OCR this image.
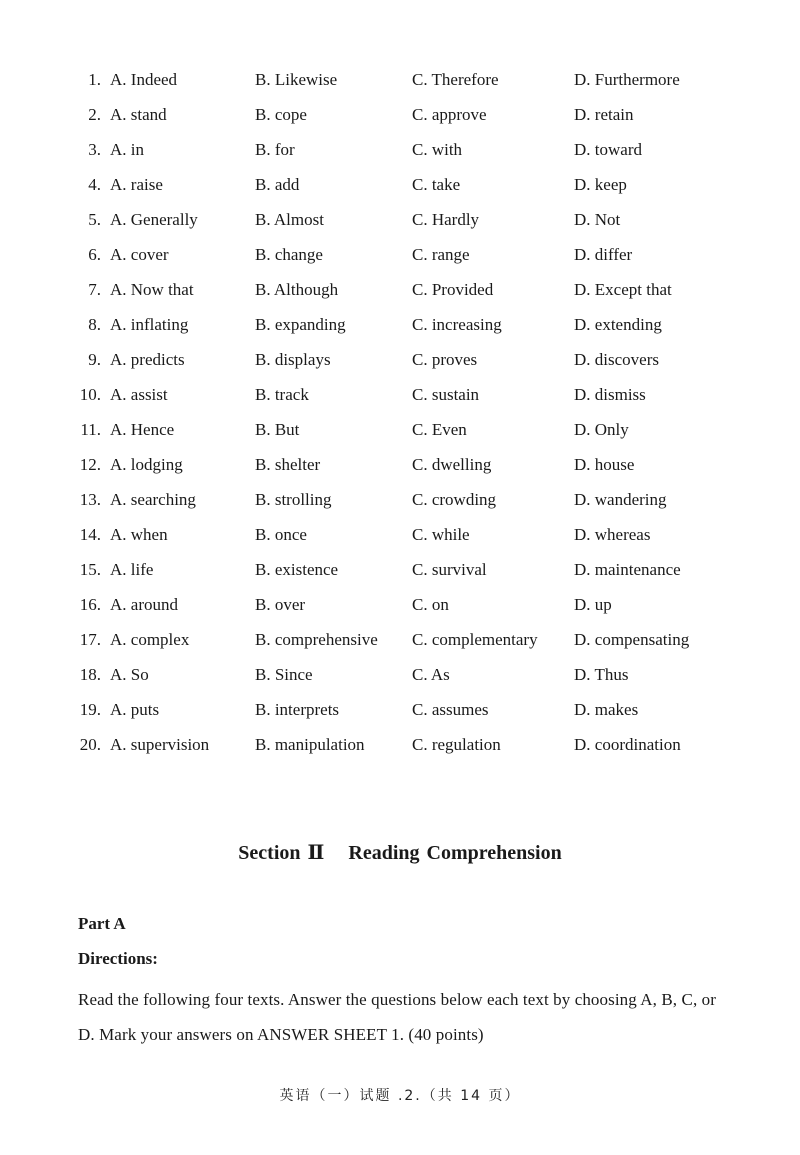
1. A. Indeed	B. Likewise	C. Therefore	D. Furthermore
2. A. stand	B. cope	C. approve	D. retain
3. A. in	B. for	C. with	D. toward
4. A. raise	B. add	C. take	D. keep
5. A. Generally	B. Almost	C. Hardly	D. Not
6. A. cover	B. change	C. range	D. differ
7. A. Now that	B. Although	C. Provided	D. Except that
8. A. inflating	B. expanding	C. increasing	D. extending
9. A. predicts	B. displays	C. proves	D. discovers
10. A. assist	B. track	C. sustain	D. dismiss
11. A. Hence	B. But	C. Even	D. Only
12. A. lodging	B. shelter	C. dwelling	D. house
13. A. searching	B. strolling	C. crowding	D. wandering
14. A. when	B. once	C. while	D. whereas
15. A. life	B. existence	C. survival	D. maintenance
16. A. around	B. over	C. on	D. up
17. A. complex	B. comprehensive C. complementary D. compensating
18. A. So	B. Since	C. As	D. Thus
19. A. puts	B. interprets	C. assumes	D. makes
20. A. supervision	B. manipulation	C. regulation	D. coordination
Section Ⅱ Reading Comprehension
Part A
Directions:
Read the following four texts. Answer the questions below each text by choosing A, B, C, or D. Mark your answers on ANSWER SHEET 1. (40 points)
英语（一）试题 .2.（共 14 页）
